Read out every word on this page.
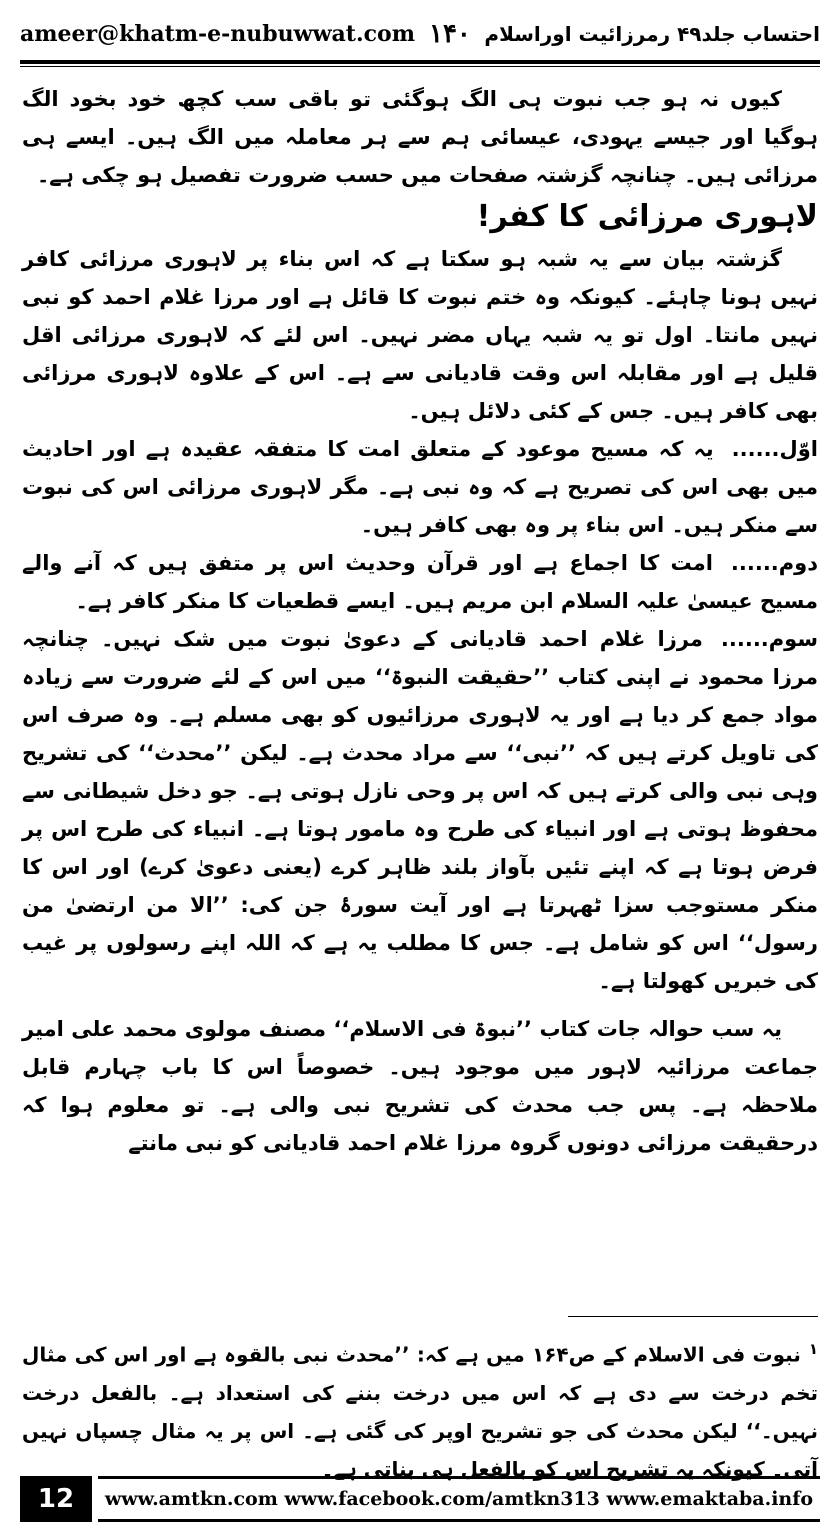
ameer@khatm-e-nubuwwat.com ۱۴۰ احتساب جلد۴۹ رمرزائیت اوراسلام

کیوں نہ ہو جب نبوت ہی الگ ہوگئی تو باقی سب کچھ خود بخود الگ ہوگیا اور جیسے یہودی، عیسائی ہم سے ہر معاملہ میں الگ ہیں۔ ایسے ہی مرزائی ہیں۔ چنانچہ گزشتہ صفحات میں حسب ضرورت تفصیل ہو چکی ہے۔

لاہوری مرزائی کا کفر!

گزشتہ بیان سے یہ شبہ ہو سکتا ہے کہ اس بناء پر لاہوری مرزائی کافر نہیں ہونا چاہئے۔ کیونکہ وہ ختم نبوت کا قائل ہے اور مرزا غلام احمد کو نبی نہیں مانتا۔ اول تو یہ شبہ یہاں مضر نہیں۔ اس لئے کہ لاہوری مرزائی اقل قلیل ہے اور مقابلہ اس وقت قادیانی سے ہے۔ اس کے علاوہ لاہوری مرزائی بھی کافر ہیں۔ جس کے کئی دلائل ہیں۔

اوّل......یہ کہ مسیح موعود کے متعلق امت کا متفقہ عقیدہ ہے اور احادیث میں بھی اس کی تصریح ہے کہ وہ نبی ہے۔ مگر لاہوری مرزائی اس کی نبوت سے منکر ہیں۔ اس بناء پر وہ بھی کافر ہیں۔

دوم......امت کا اجماع ہے اور قرآن وحدیث اس پر متفق ہیں کہ آنے والے مسیح عیسیٰ علیہ السلام ابن مریم ہیں۔ ایسے قطعیات کا منکر کافر ہے۔

سوم......مرزا غلام احمد قادیانی کے دعویٰ نبوت میں شک نہیں۔ چنانچہ مرزا محمود نے اپنی کتاب ’’حقیقت النبوۃ‘‘ میں اس کے لئے ضرورت سے زیادہ مواد جمع کر دیا ہے اور یہ لاہوری مرزائیوں کو بھی مسلم ہے۔ وہ صرف اس کی تاویل کرتے ہیں کہ ’’نبی‘‘ سے مراد محدث ہے۔ لیکن ’’محدث‘‘ کی تشریح وہی نبی والی کرتے ہیں کہ اس پر وحی نازل ہوتی ہے۔ جو دخل شیطانی سے محفوظ ہوتی ہے اور انبیاء کی طرح وہ مامور ہوتا ہے۔ انبیاء کی طرح اس پر فرض ہوتا ہے کہ اپنے تئیں بآواز بلند ظاہر کرے (یعنی دعویٰ کرے) اور اس کا منکر مستوجب سزا ٹھہرتا ہے اور آیت سورۂ جن کی: ’’الا من ارتضیٰ من رسول‘‘ اس کو شامل ہے۔ جس کا مطلب یہ ہے کہ اللہ اپنے رسولوں پر غیب کی خبریں کھولتا ہے۔

یہ سب حوالہ جات کتاب ’’نبوۃ فی الاسلام‘‘ مصنف مولوی محمد علی امیر جماعت مرزائیہ لاہور میں موجود ہیں۔ خصوصاً اس کا باب چہارم قابل ملاحظہ ہے۔ پس جب محدث کی تشریح نبی والی ہے۔ تو معلوم ہوا کہ درحقیقت مرزائی دونوں گروہ مرزا غلام احمد قادیانی کو نبی مانتے

$^۱$نبوت فی الاسلام کے ص۱۶۴ میں ہے کہ: ’’محدث نبی بالقوہ ہے اور اس کی مثال تخم درخت سے دی ہے کہ اس میں درخت بننے کی استعداد ہے۔ بالفعل درخت نہیں۔‘‘ لیکن محدث کی جو تشریح اوپر کی گئی ہے۔ اس پر یہ مثال چسپاں نہیں آتی۔ کیونکہ یہ تشریح اس کو بالفعل ہی بناتی ہے۔

12	www.amtkn.com www.facebook.com/amtkn313 www.emaktaba.info
